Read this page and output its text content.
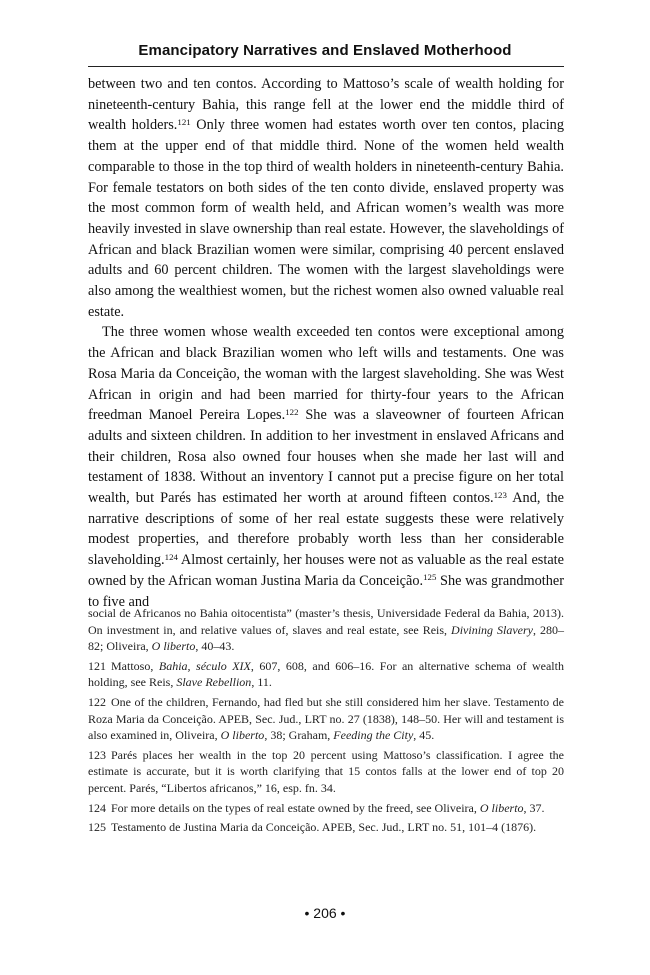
Emancipatory Narratives and Enslaved Motherhood

between two and ten contos. According to Mattoso’s scale of wealth holding for nineteenth-century Bahia, this range fell at the lower end the middle third of wealth holders.$^{121}$ Only three women had estates worth over ten contos, placing them at the upper end of that middle third. None of the women held wealth comparable to those in the top third of wealth holders in nineteenth-century Bahia. For female testators on both sides of the ten conto divide, enslaved property was the most common form of wealth held, and African women’s wealth was more heavily invested in slave ownership than real estate. However, the slaveholdings of African and black Brazilian women were similar, comprising 40 percent enslaved adults and 60 percent children. The women with the largest slaveholdings were also among the wealthiest women, but the richest women also owned valuable real estate.

The three women whose wealth exceeded ten contos were exceptional among the African and black Brazilian women who left wills and testaments. One was Rosa Maria da Conceição, the woman with the largest slaveholding. She was West African in origin and had been married for thirty-four years to the African freedman Manoel Pereira Lopes.$^{122}$ She was a slaveowner of fourteen African adults and sixteen children. In addition to her investment in enslaved Africans and their children, Rosa also owned four houses when she made her last will and testament of 1838. Without an inventory I cannot put a precise figure on her total wealth, but Parés has estimated her worth at around fifteen contos.$^{123}$ And, the narrative descriptions of some of her real estate suggests these were relatively modest properties, and therefore probably worth less than her considerable slaveholding.$^{124}$ Almost certainly, her houses were not as valuable as the real estate owned by the African woman Justina Maria da Conceição.$^{125}$ She was grandmother to five and

social de Africanos no Bahia oitocentista” (master’s thesis, Universidade Federal da Bahia, 2013). On investment in, and relative values of, slaves and real estate, see Reis, Divining Slavery, 280–82; Oliveira, O liberto, 40–43.

121 Mattoso, Bahia, século XIX, 607, 608, and 606–16. For an alternative schema of wealth holding, see Reis, Slave Rebellion, 11.

122 One of the children, Fernando, had fled but she still considered him her slave. Testamento de Roza Maria da Conceição. APEB, Sec. Jud., LRT no. 27 (1838), 148–50. Her will and testament is also examined in, Oliveira, O liberto, 38; Graham, Feeding the City, 45.

123 Parés places her wealth in the top 20 percent using Mattoso’s classification. I agree the estimate is accurate, but it is worth clarifying that 15 contos falls at the lower end of top 20 percent. Parés, “Libertos africanos,” 16, esp. fn. 34.

124 For more details on the types of real estate owned by the freed, see Oliveira, O liberto, 37.

125 Testamento de Justina Maria da Conceição. APEB, Sec. Jud., LRT no. 51, 101–4 (1876).

• 206 •
